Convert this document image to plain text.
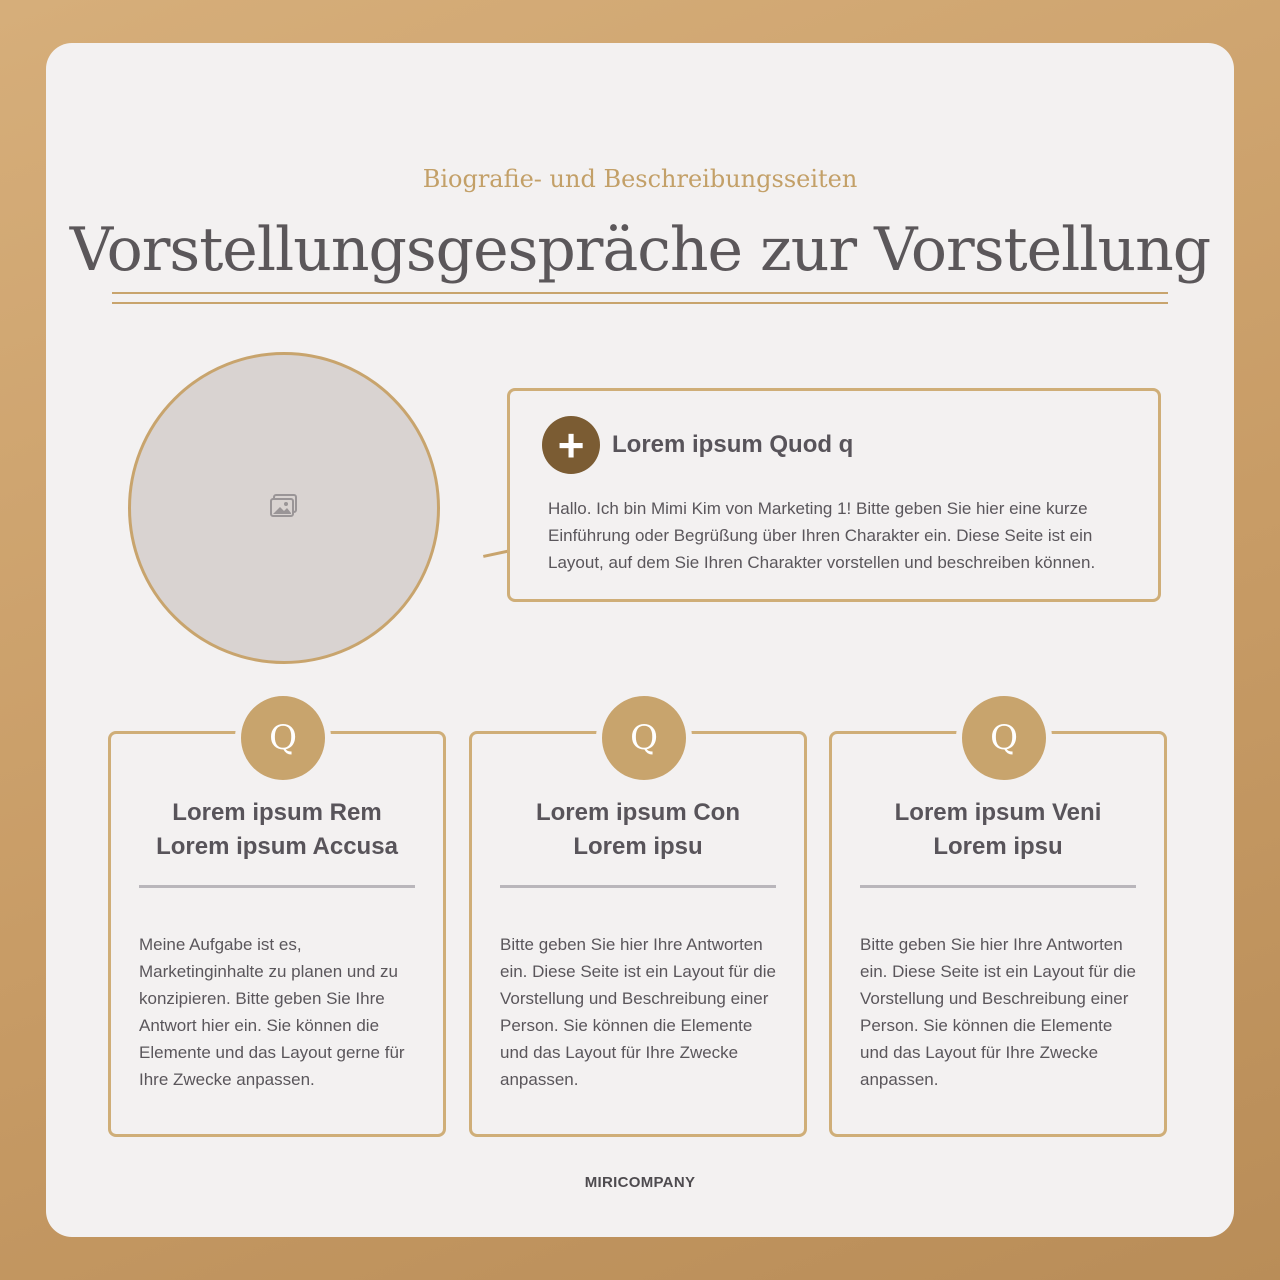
Biografie- und Beschreibungsseiten
Vorstellungsgespräche zur Vorstellung
+	Lorem ipsum Quod q
Hallo. Ich bin Mimi Kim von Marketing 1! Bitte geben Sie hier eine kurze Einführung oder Begrüßung über Ihren Charakter ein. Diese Seite ist ein Layout, auf dem Sie Ihren Charakter vorstellen und beschreiben können.
Q
Lorem ipsum Rem
Lorem ipsum Accusa
Meine Aufgabe ist es, Marketinginhalte zu planen und zu konzipieren. Bitte geben Sie Ihre Antwort hier ein. Sie können die Elemente und das Layout gerne für Ihre Zwecke anpassen.
Q
Lorem ipsum Con
Lorem ipsu
Bitte geben Sie hier Ihre Antworten ein. Diese Seite ist ein Layout für die Vorstellung und Beschreibung einer Person. Sie können die Elemente und das Layout für Ihre Zwecke anpassen.
Q
Lorem ipsum Veni
Lorem ipsu
Bitte geben Sie hier Ihre Antworten ein. Diese Seite ist ein Layout für die Vorstellung und Beschreibung einer Person. Sie können die Elemente und das Layout für Ihre Zwecke anpassen.
MIRICOMPANY
